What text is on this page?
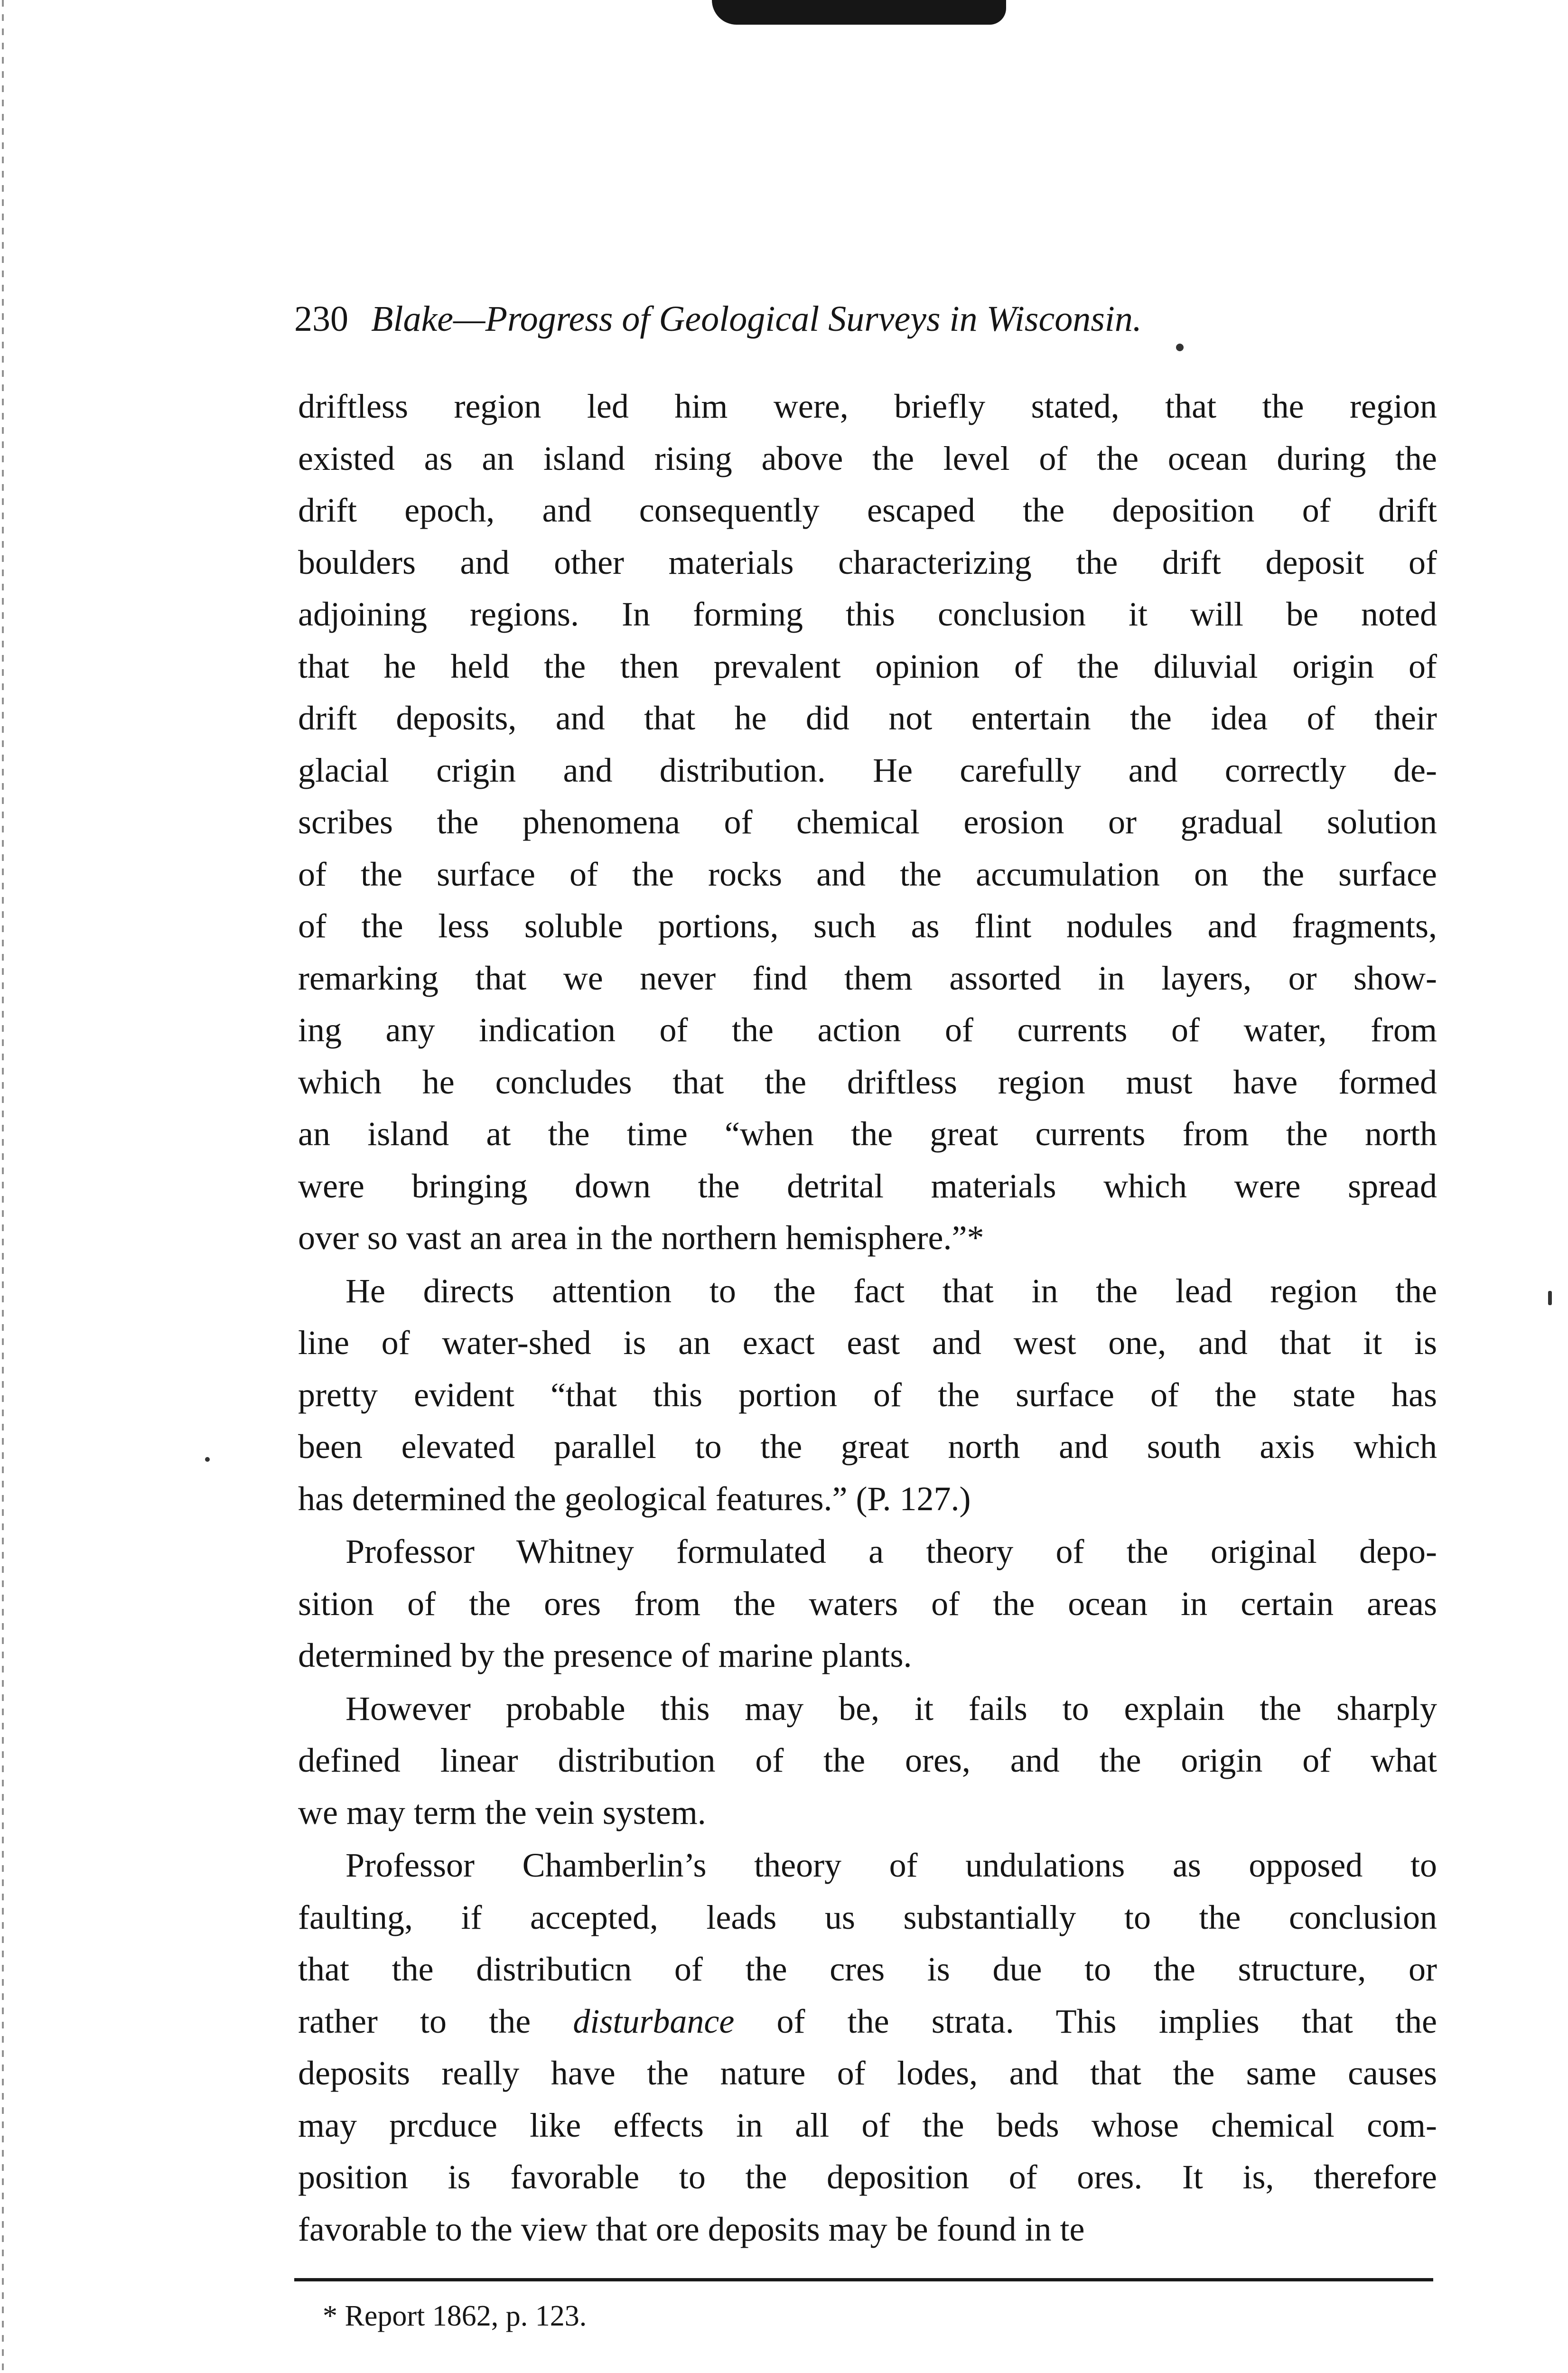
230 Blake—Progress of Geological Surveys in Wisconsin.
driftless region led him were, briefly stated, that the region
existed as an island rising above the level of the ocean during the
drift epoch, and consequently escaped the deposition of drift
boulders and other materials characterizing the drift deposit of
adjoining regions. In forming this conclusion it will be noted
that he held the then prevalent opinion of the diluvial origin of
drift deposits, and that he did not entertain the idea of their
glacial crigin and distribution. He carefully and correctly de-
scribes the phenomena of chemical erosion or gradual solution
of the surface of the rocks and the accumulation on the surface
of the less soluble portions, such as flint nodules and fragments,
remarking that we never find them assorted in layers, or show-
ing any indication of the action of currents of water, from
which he concludes that the driftless region must have formed
an island at the time “when the great currents from the north
were bringing down the detrital materials which were spread
over so vast an area in the northern hemisphere.”*
He directs attention to the fact that in the lead region the
line of water-shed is an exact east and west one, and that it is
pretty evident “that this portion of the surface of the state has
been elevated parallel to the great north and south axis which
has determined the geological features.” (P. 127.)
Professor Whitney formulated a theory of the original depo-
sition of the ores from the waters of the ocean in certain areas
determined by the presence of marine plants.
However probable this may be, it fails to explain the sharply
defined linear distribution of the ores, and the origin of what
we may term the vein system.
Professor Chamberlin’s theory of undulations as opposed to
faulting, if accepted, leads us substantially to the conclusion
that the distributicn of the cres is due to the structure, or
rather to the disturbance of the strata. This implies that the
deposits really have the nature of lodes, and that the same causes
may prcduce like effects in all of the beds whose chemical com-
position is favorable to the deposition of ores. It is, therefore
favorable to the view that ore deposits may be found in te
* Report 1862, p. 123.
